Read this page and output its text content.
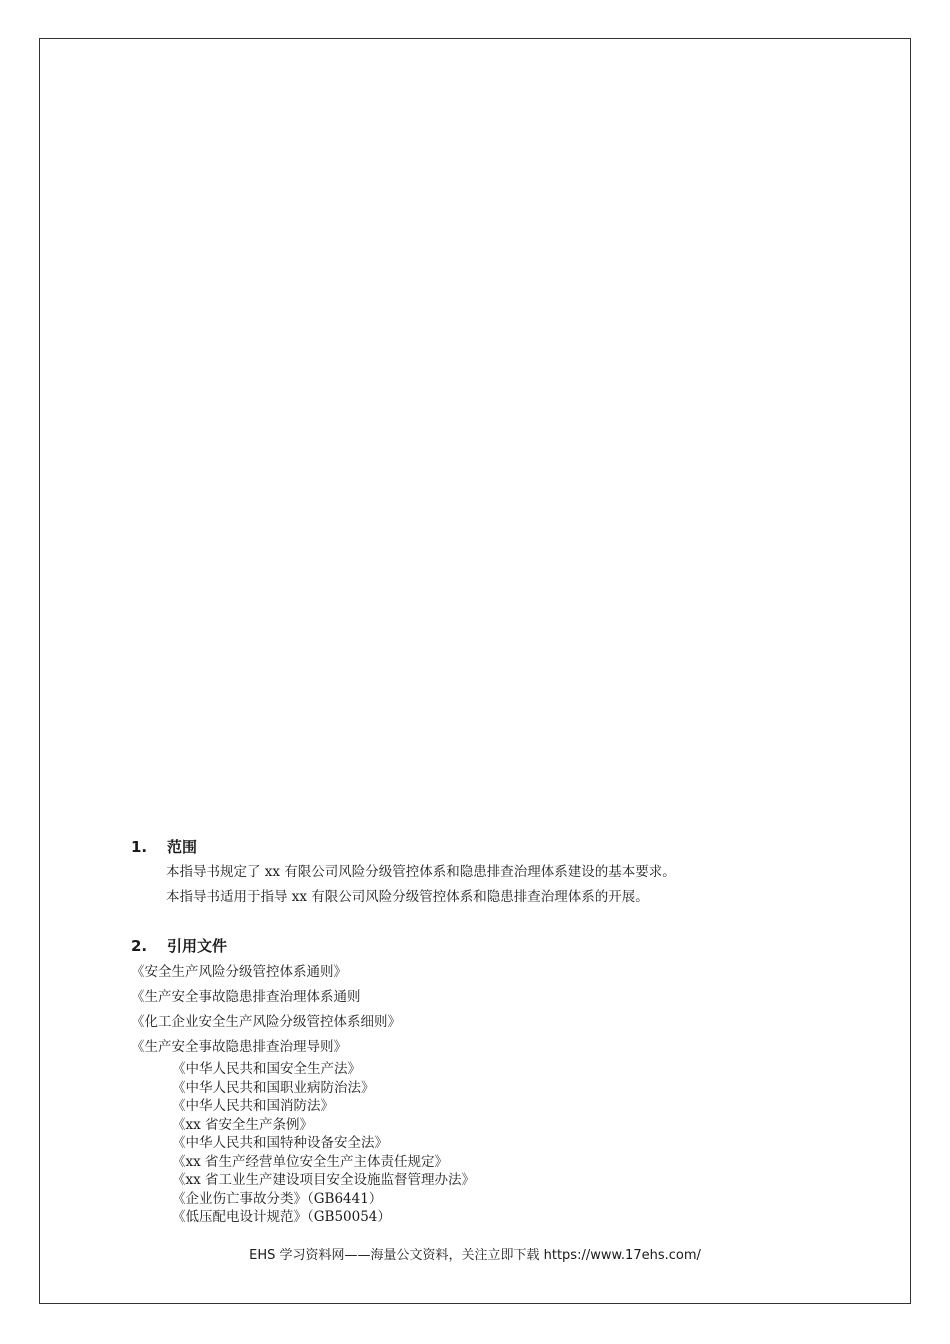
1. 范围
本指导书规定了 xx 有限公司风险分级管控体系和隐患排查治理体系建设的基本要求。
本指导书适用于指导 xx 有限公司风险分级管控体系和隐患排查治理体系的开展。
2. 引用文件
《安全生产风险分级管控体系通则》
《生产安全事故隐患排查治理体系通则
《化工企业安全生产风险分级管控体系细则》
《生产安全事故隐患排查治理导则》
《中华人民共和国安全生产法》
《中华人民共和国职业病防治法》
《中华人民共和国消防法》
《xx 省安全生产条例》
《中华人民共和国特种设备安全法》
《xx 省生产经营单位安全生产主体责任规定》
《xx 省工业生产建设项目安全设施监督管理办法》
《企业伤亡事故分类》（GB6441）
《低压配电设计规范》（GB50054）
EHS 学习资料网——海量公文资料，关注立即下载 https://www.17ehs.com/
